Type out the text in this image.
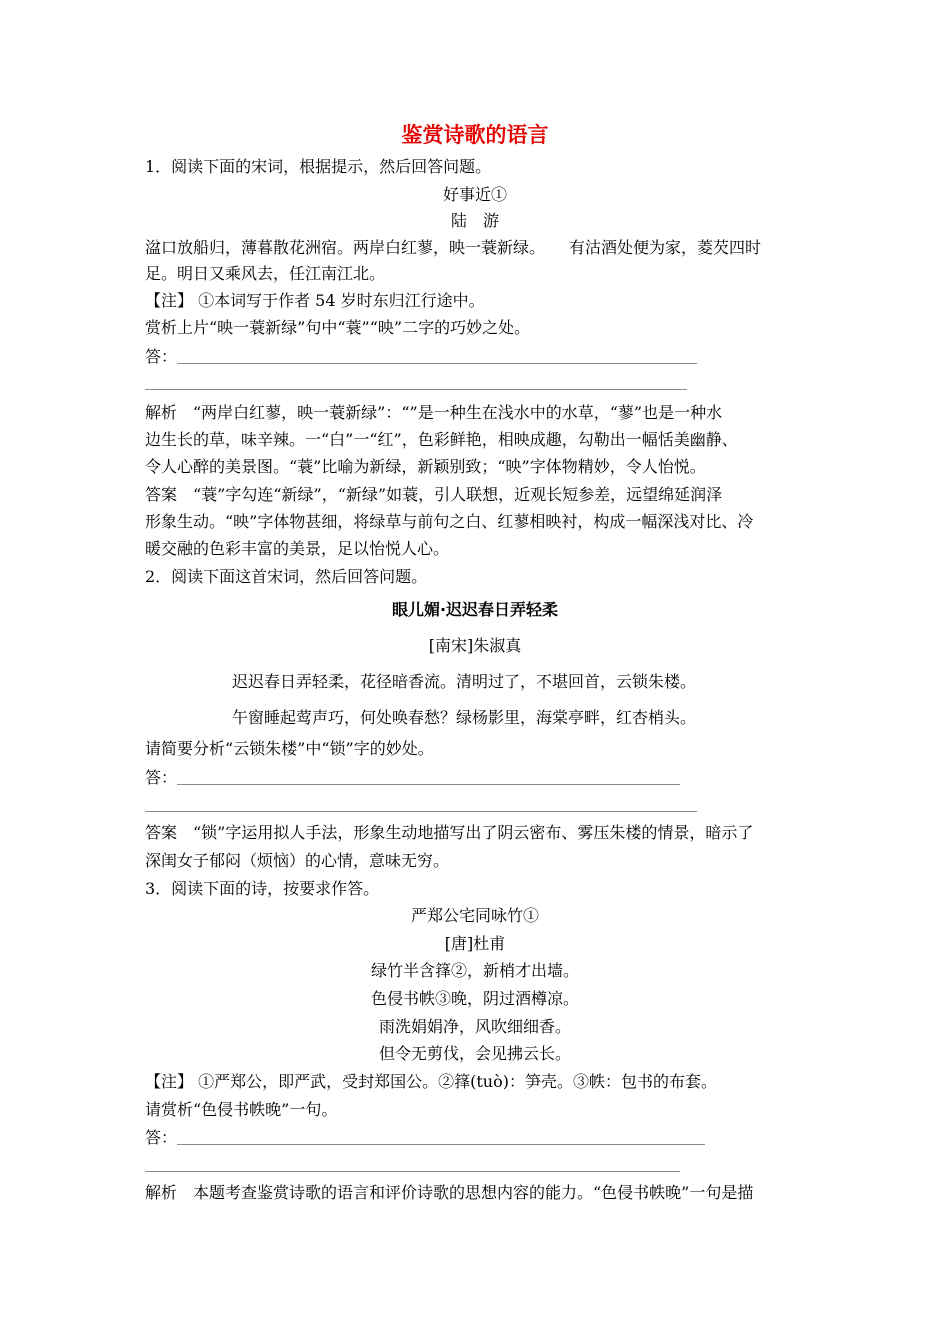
鉴赏诗歌的语言
1．阅读下面的宋词，根据提示，然后回答问题。
好事近①
陆　游
湓口放船归，薄暮散花洲宿。两岸白红蓼，映一蓑新绿。　　有沽酒处便为家，菱芡四时
足。明日又乘风去，任江南江北。
【注】 ①本词写于作者 54 岁时东归江行途中。
赏析上片“映一蓑新绿”句中“蓑”“映”二字的巧妙之处。
答：
解析　“两岸白红蓼，映一蓑新绿”：“”是一种生在浅水中的水草，“蓼”也是一种水
边生长的草，味辛辣。一“白”一“红”，色彩鲜艳，相映成趣，勾勒出一幅恬美幽静、
令人心醉的美景图。“蓑”比喻为新绿，新颖别致；“映”字体物精妙，令人怡悦。
答案　“蓑”字勾连“新绿”，“新绿”如蓑，引人联想，近观长短参差，远望绵延润泽
形象生动。“映”字体物甚细，将绿草与前句之白、红蓼相映衬，构成一幅深浅对比、冷
暖交融的色彩丰富的美景，足以怡悦人心。
2．阅读下面这首宋词，然后回答问题。
眼儿媚·迟迟春日弄轻柔
[南宋]朱淑真
迟迟春日弄轻柔，花径暗香流。清明过了，不堪回首，云锁朱楼。
午窗睡起莺声巧，何处唤春愁？绿杨影里，海棠亭畔，红杏梢头。
请简要分析“云锁朱楼”中“锁”字的妙处。
答：
答案　“锁”字运用拟人手法，形象生动地描写出了阴云密布、雾压朱楼的情景，暗示了
深闺女子郁闷（烦恼）的心情，意味无穷。
3．阅读下面的诗，按要求作答。
严郑公宅同咏竹①
[唐]杜甫
绿竹半含箨②，新梢才出墙。
色侵书帙③晚，阴过酒樽凉。
雨洗娟娟净，风吹细细香。
但令无剪伐，会见拂云长。
【注】 ①严郑公，即严武，受封郑国公。②箨(tuò)：笋壳。③帙：包书的布套。
请赏析“色侵书帙晚”一句。
答：
解析　本题考查鉴赏诗歌的语言和评价诗歌的思想内容的能力。“色侵书帙晚”一句是描
